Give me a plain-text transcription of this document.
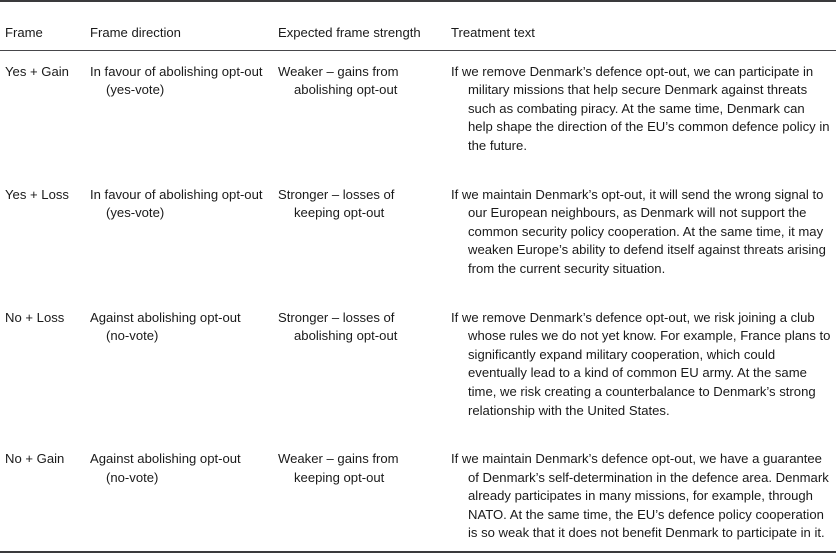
Frame	Frame direction	Expected frame strength	Treatment text
Yes + Gain	In favour of abolishing opt-out (yes-vote)	Weaker – gains from abolishing opt-out	If we remove Denmark’s defence opt-out, we can participate in military missions that help secure Denmark against threats such as combating piracy. At the same time, Denmark can help shape the direction of the EU’s common defence policy in the future.

Yes + Loss	In favour of abolishing opt-out (yes-vote)	Stronger – losses of keeping opt-out	If we maintain Denmark’s opt-out, it will send the wrong signal to our European neighbours, as Denmark will not support the common security policy cooperation. At the same time, it may weaken Europe’s ability to defend itself against threats arising from the current security situation.

No + Loss	Against abolishing opt-out (no-vote)	Stronger – losses of abolishing opt-out	If we remove Denmark’s defence opt-out, we risk joining a club whose rules we do not yet know. For example, France plans to significantly expand military cooperation, which could eventually lead to a kind of common EU army. At the same time, we risk creating a counterbalance to Denmark’s strong relationship with the United States.

No + Gain	Against abolishing opt-out (no-vote)	Weaker – gains from keeping opt-out	If we maintain Denmark’s defence opt-out, we have a guarantee of Denmark’s self-determination in the defence area. Denmark already participates in many missions, for example, through NATO. At the same time, the EU’s defence policy cooperation is so weak that it does not benefit Denmark to participate in it.
